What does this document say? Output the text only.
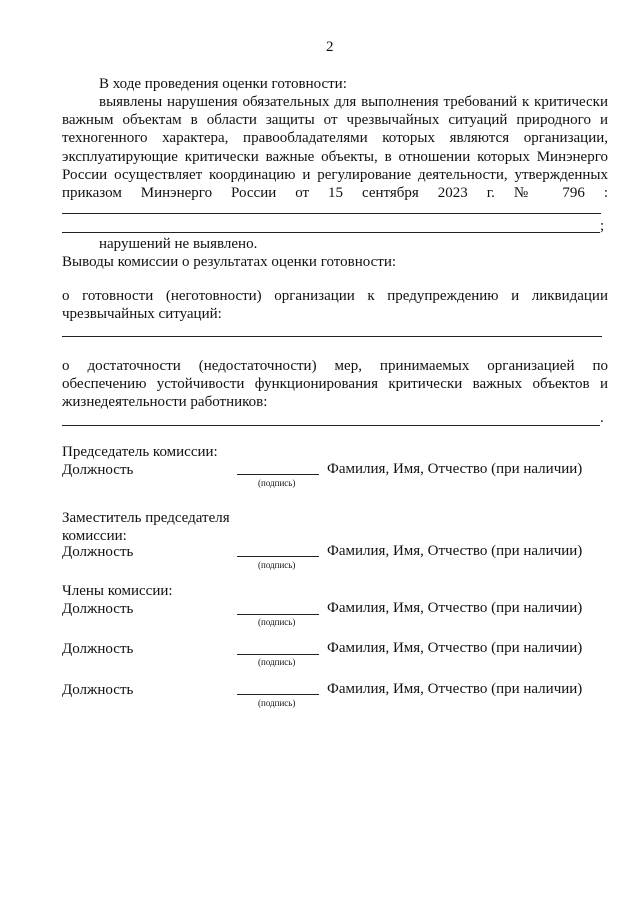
2
В ходе проведения оценки готовности:
выявлены нарушения обязательных для выполнения требований к критически
важным объектам в области защиты от чрезвычайных ситуаций природного и
техногенного характера, правообладателями которых являются организации,
эксплуатирующие критически важные объекты, в отношении которых Минэнерго
России осуществляет координацию и регулирование деятельности, утвержденных
приказом Минэнерго России от 15 сентября 2023 г. № 796 :
;
нарушений не выявлено.
Выводы комиссии о результатах оценки готовности:
о готовности (неготовности) организации к предупреждению и ликвидации
чрезвычайных ситуаций:
о достаточности (недостаточности) мер, принимаемых организацией по
обеспечению устойчивости функционирования критически важных объектов и
жизнедеятельности работников:
.
Председатель комиссии:
Должность	Фамилия, Имя, Отчество (при наличии)
(подпись)
Заместитель председателя
комиссии:
Должность	Фамилия, Имя, Отчество (при наличии)
(подпись)
Члены комиссии:
Должность	Фамилия, Имя, Отчество (при наличии)
(подпись)
Должность	Фамилия, Имя, Отчество (при наличии)
(подпись)
Должность	Фамилия, Имя, Отчество (при наличии)
(подпись)
